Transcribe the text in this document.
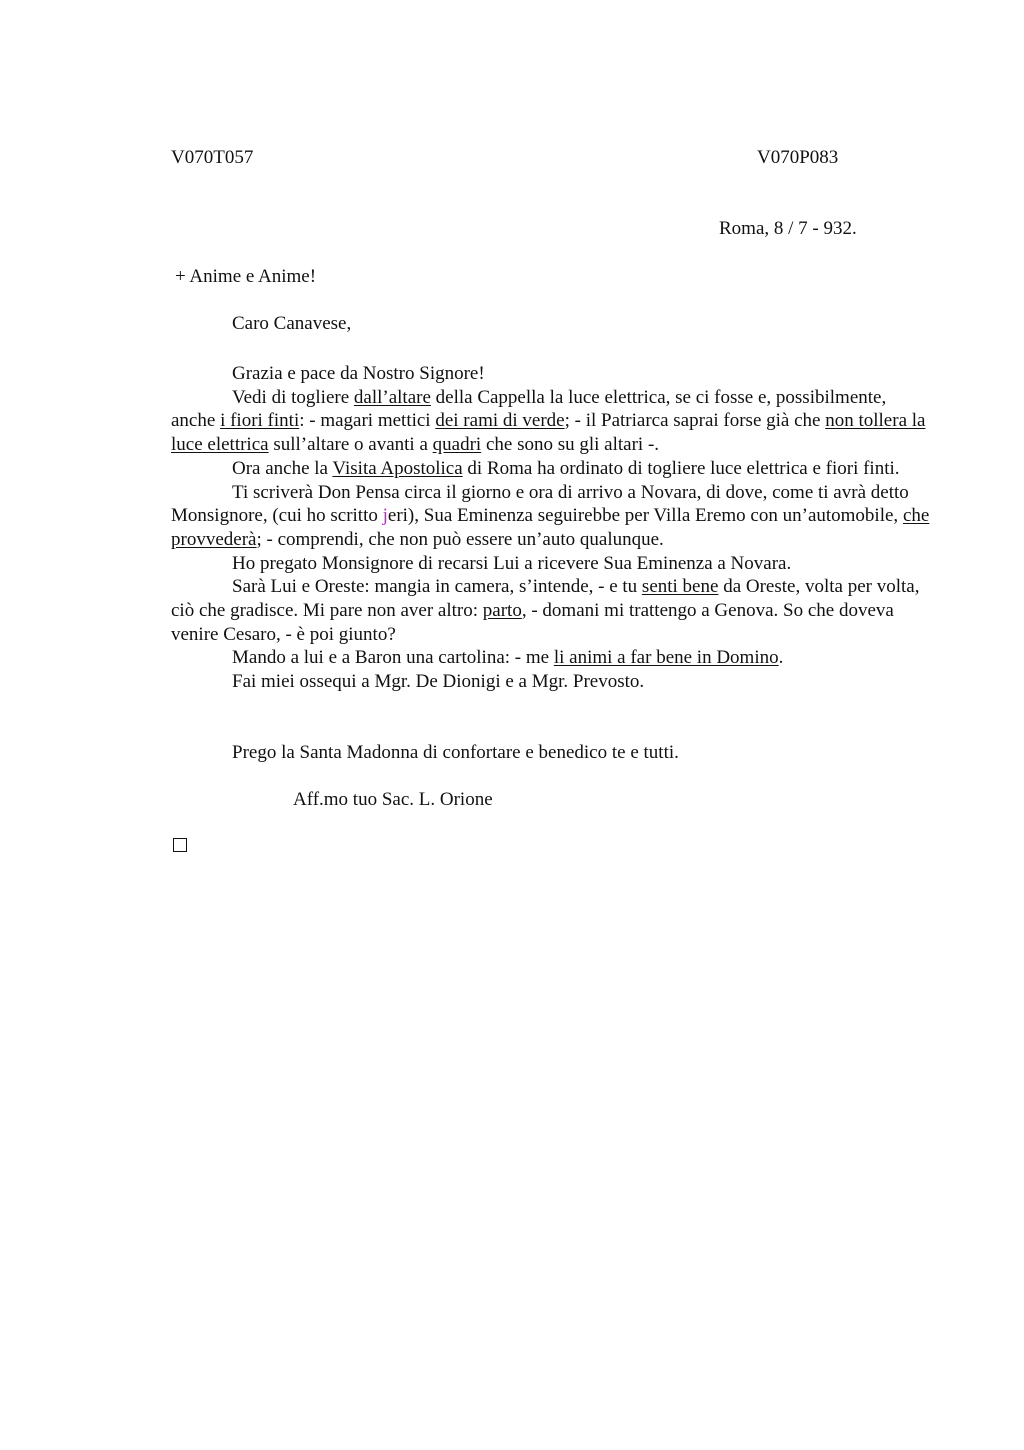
V070T057	V070P083
Roma, 8 / 7 - 932.
+ Anime e Anime!
Caro Canavese,

Grazia e pace da Nostro Signore!

Vedi di togliere dall’altare della Cappella la luce elettrica, se ci fosse e, possibilmente, anche i fiori finti: - magari mettici dei rami di verde; - il Patriarca saprai forse già che non tollera la luce elettrica sull’altare o avanti a quadri che sono su gli altari -.

Ora anche la Visita Apostolica di Roma ha ordinato di togliere luce elettrica e fiori finti.

Ti scriverà Don Pensa circa il giorno e ora di arrivo a Novara, di dove, come ti avrà detto Monsignore, (cui ho scritto jeri), Sua Eminenza seguirebbe per Villa Eremo con un’automobile, che provvederà; - comprendi, che non può essere un’auto qualunque.

Ho pregato Monsignore di recarsi Lui a ricevere Sua Eminenza a Novara.

Sarà Lui e Oreste: mangia in camera, s’intende, - e tu senti bene da Oreste, volta per volta, ciò che gradisce. Mi pare non aver altro: parto, - domani mi trattengo a Genova. So che doveva venire Cesaro, - è poi giunto?

Mando a lui e a Baron una cartolina: - me li animi a far bene in Domino.

Fai miei ossequi a Mgr. De Dionigi e a Mgr. Prevosto.

Prego la Santa Madonna di confortare e benedico te e tutti.
Aff.mo tuo Sac. L. Orione
